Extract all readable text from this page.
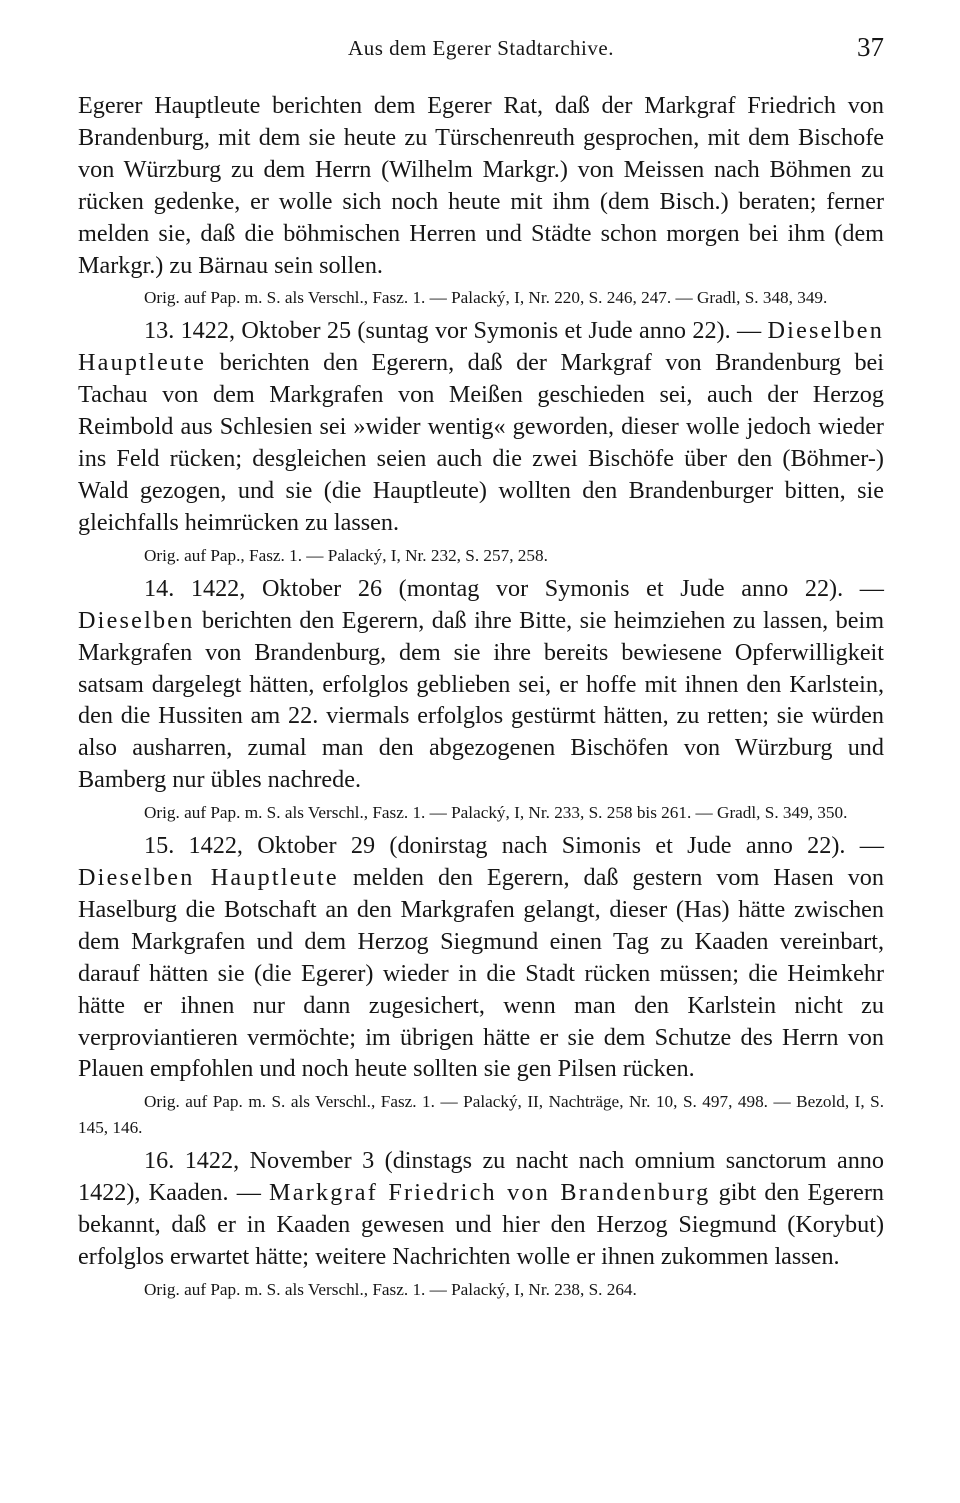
Aus dem Egerer Stadtarchive.	37

Egerer Hauptleute berichten dem Egerer Rat, daß der Markgraf Friedrich von Brandenburg, mit dem sie heute zu Türschenreuth gesprochen, mit dem Bischofe von Würzburg zu dem Herrn (Wilhelm Markgr.) von Meissen nach Böhmen zu rücken gedenke, er wolle sich noch heute mit ihm (dem Bisch.) beraten; ferner melden sie, daß die böhmischen Herren und Städte schon morgen bei ihm (dem Markgr.) zu Bärnau sein sollen.

Orig. auf Pap. m. S. als Verschl., Fasz. 1. — Palacký, I, Nr. 220, S. 246, 247. — Gradl, S. 348, 349.

13. 1422, Oktober 25 (suntag vor Symonis et Jude anno 22). — Dieselben Hauptleute berichten den Egerern, daß der Markgraf von Brandenburg bei Tachau von dem Markgrafen von Meißen geschieden sei, auch der Herzog Reimbold aus Schlesien sei »wider wentig« geworden, dieser wolle jedoch wieder ins Feld rücken; desgleichen seien auch die zwei Bischöfe über den (Böhmer-) Wald gezogen, und sie (die Hauptleute) wollten den Brandenburger bitten, sie gleichfalls heimrücken zu lassen.

Orig. auf Pap., Fasz. 1. — Palacký, I, Nr. 232, S. 257, 258.

14. 1422, Oktober 26 (montag vor Symonis et Jude anno 22). — Dieselben berichten den Egerern, daß ihre Bitte, sie heimziehen zu lassen, beim Markgrafen von Brandenburg, dem sie ihre bereits bewiesene Opferwilligkeit satsam dargelegt hätten, erfolglos geblieben sei, er hoffe mit ihnen den Karlstein, den die Hussiten am 22. viermals erfolglos gestürmt hätten, zu retten; sie würden also ausharren, zumal man den abgezogenen Bischöfen von Würzburg und Bamberg nur übles nachrede.

Orig. auf Pap. m. S. als Verschl., Fasz. 1. — Palacký, I, Nr. 233, S. 258 bis 261. — Gradl, S. 349, 350.

15. 1422, Oktober 29 (donirstag nach Simonis et Jude anno 22). — Dieselben Hauptleute melden den Egerern, daß gestern vom Hasen von Haselburg die Botschaft an den Markgrafen gelangt, dieser (Has) hätte zwischen dem Markgrafen und dem Herzog Siegmund einen Tag zu Kaaden vereinbart, darauf hätten sie (die Egerer) wieder in die Stadt rücken müssen; die Heimkehr hätte er ihnen nur dann zugesichert, wenn man den Karlstein nicht zu verproviantieren vermöchte; im übrigen hätte er sie dem Schutze des Herrn von Plauen empfohlen und noch heute sollten sie gen Pilsen rücken.

Orig. auf Pap. m. S. als Verschl., Fasz. 1. — Palacký, II, Nachträge, Nr. 10, S. 497, 498. — Bezold, I, S. 145, 146.

16. 1422, November 3 (dinstags zu nacht nach omnium sanctorum anno 1422), Kaaden. — Markgraf Friedrich von Brandenburg gibt den Egerern bekannt, daß er in Kaaden gewesen und hier den Herzog Siegmund (Korybut) erfolglos erwartet hätte; weitere Nachrichten wolle er ihnen zukommen lassen.

Orig. auf Pap. m. S. als Verschl., Fasz. 1. — Palacký, I, Nr. 238, S. 264.
